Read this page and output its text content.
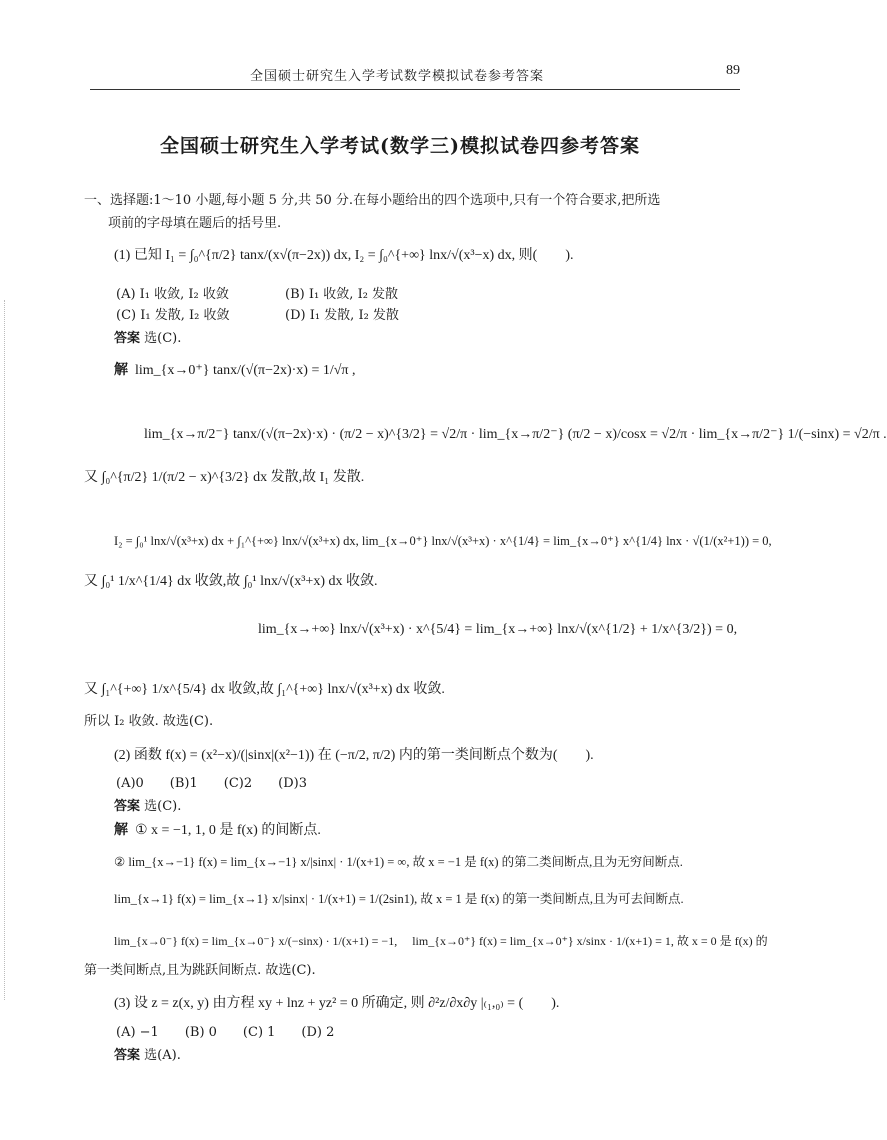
全国硕士研究生入学考试数学模拟试卷参考答案	89
全国硕士研究生入学考试(数学三)模拟试卷四参考答案
一、选择题:1～10 小题,每小题 5 分,共 50 分.在每小题给出的四个选项中,只有一个符合要求,把所选
项前的字母填在题后的括号里.
(1) 已知 I₁ = ∫₀^{π/2} tanx/(x√(π−2x)) dx, I₂ = ∫₀^{+∞} lnx/√(x³−x) dx, 则(　　).
(A) I₁ 收敛, I₂ 收敛	(B) I₁ 收敛, I₂ 发散
(C) I₁ 发散, I₂ 收敛	(D) I₁ 发散, I₂ 发散
答案 选(C).
解 lim_{x→0⁺} tanx/(√(π−2x)·x) = 1/√π ,
lim_{x→π/2⁻} tanx/(√(π−2x)·x) · (π/2 − x)^{3/2} = √2/π · lim_{x→π/2⁻} (π/2 − x)/cosx = √2/π · lim_{x→π/2⁻} 1/(−sinx) = √2/π .
又 ∫₀^{π/2} 1/(π/2 − x)^{3/2} dx 发散,故 I₁ 发散.
I₂ = ∫₀¹ lnx/√(x³+x) dx + ∫₁^{+∞} lnx/√(x³+x) dx, lim_{x→0⁺} lnx/√(x³+x) · x^{1/4} = lim_{x→0⁺} x^{1/4} lnx · √(1/(x²+1)) = 0,
又 ∫₀¹ 1/x^{1/4} dx 收敛,故 ∫₀¹ lnx/√(x³+x) dx 收敛.
lim_{x→+∞} lnx/√(x³+x) · x^{5/4} = lim_{x→+∞} lnx/√(x^{1/2} + 1/x^{3/2}) = 0,
又 ∫₁^{+∞} 1/x^{5/4} dx 收敛,故 ∫₁^{+∞} lnx/√(x³+x) dx 收敛.
所以 I₂ 收敛. 故选(C).
(2) 函数 f(x) = (x²−x)/(|sinx|(x²−1)) 在 (−π/2, π/2) 内的第一类间断点个数为(　　).
(A)0　　(B)1　　(C)2　　(D)3
答案 选(C).
解 ① x = −1, 1, 0 是 f(x) 的间断点.
② lim_{x→−1} f(x) = lim_{x→−1} x/|sinx| · 1/(x+1) = ∞, 故 x = −1 是 f(x) 的第二类间断点,且为无穷间断点.
lim_{x→1} f(x) = lim_{x→1} x/|sinx| · 1/(x+1) = 1/(2sin1), 故 x = 1 是 f(x) 的第一类间断点,且为可去间断点.
lim_{x→0⁻} f(x) = lim_{x→0⁻} x/(−sinx) · 1/(x+1) = −1,　 lim_{x→0⁺} f(x) = lim_{x→0⁺} x/sinx · 1/(x+1) = 1, 故 x = 0 是 f(x) 的
第一类间断点,且为跳跃间断点. 故选(C).
(3) 设 z = z(x, y) 由方程 xy + lnz + yz² = 0 所确定, 则 ∂²z/∂x∂y |₍₁,₀₎ = (　　).
(A) −1　　(B) 0　　(C) 1　　(D) 2
答案 选(A).
